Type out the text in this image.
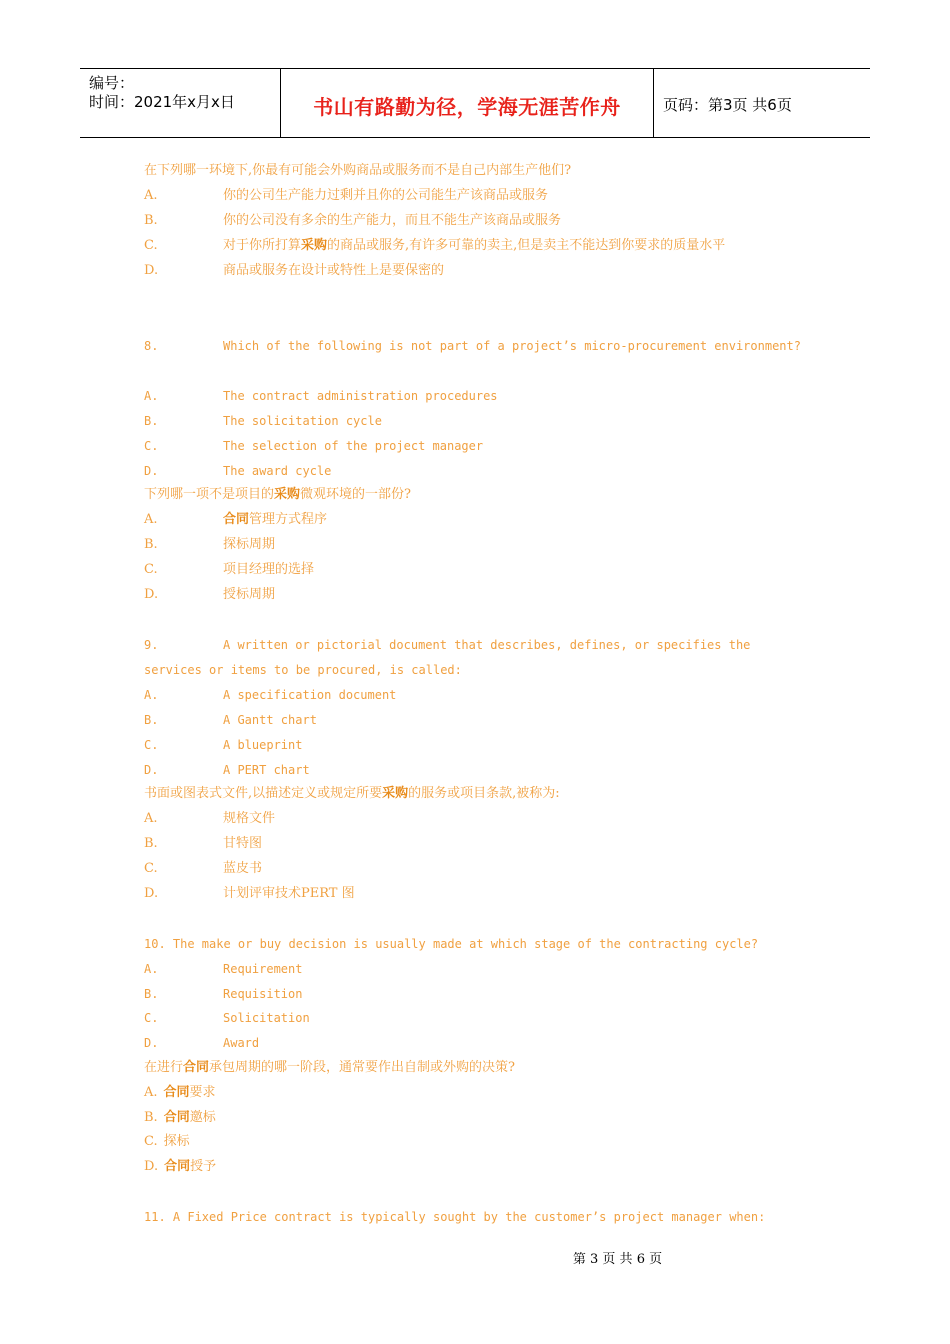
编号：
时间：2021年x月x日	书山有路勤为径，学海无涯苦作舟	页码：第3页 共6页
在下列哪一环境下,你最有可能会外购商品或服务而不是自己内部生产他们?
A.	你的公司生产能力过剩并且你的公司能生产该商品或服务
B.	你的公司没有多余的生产能力，而且不能生产该商品或服务
C.	对于你所打算采购的商品或服务,有许多可靠的卖主,但是卖主不能达到你要求的质量水平
D.	商品或服务在设计或特性上是要保密的
8.	Which of the following is not part of a project’s micro-procurement environment?
A.	The contract administration procedures
B.	The solicitation cycle
C.	The selection of the project manager
D.	The award cycle
下列哪一项不是项目的采购微观环境的一部份?
A.	合同管理方式程序
B.	探标周期
C.	项目经理的选择
D.	授标周期
9.	A written or pictorial document that describes, defines, or specifies the
services or items to be procured, is called:
A.	A specification document
B.	A Gantt chart
C.	A blueprint
D.	A PERT chart
书面或图表式文件,以描述定义或规定所要采购的服务或项目条款,被称为:
A.	规格文件
B.	甘特图
C.	蓝皮书
D.	计划评审技术PERT 图
10. The make or buy decision is usually made at which stage of the contracting cycle?
A.	Requirement
B.	Requisition
C.	Solicitation
D.	Award
在进行合同承包周期的哪一阶段，通常要作出自制或外购的决策?
A. 合同要求
B. 合同邀标
C. 探标
D. 合同授予
11. A Fixed Price contract is typically sought by the customer’s project manager when:
第 3 页 共 6 页
